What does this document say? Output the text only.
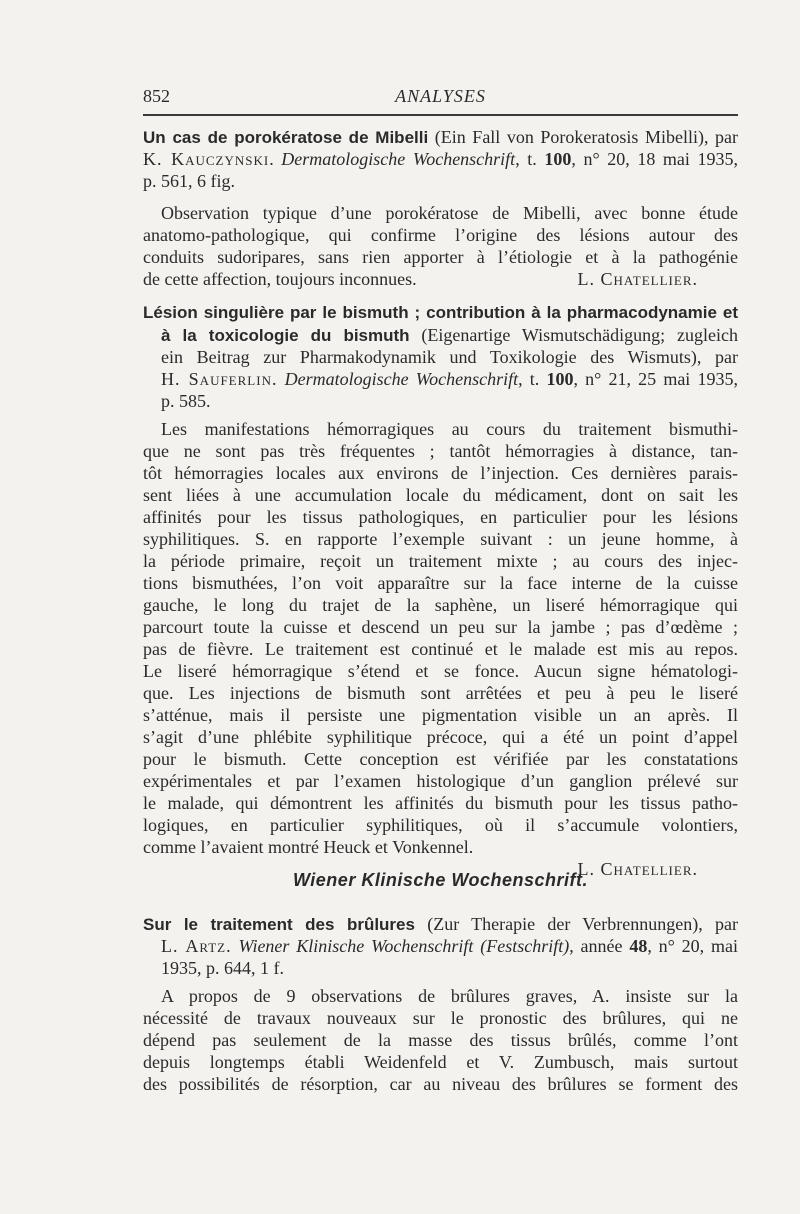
852	ANALYSES
Un cas de porokératose de Mibelli (Ein Fall von Porokeratosis Mibelli), par
K. Kauczynski. Dermatologische Wochenschrift, t. 100, n° 20, 18 mai 1935,
p. 561, 6 fig.
Observation typique d’une porokératose de Mibelli, avec bonne étude
anatomo-pathologique, qui confirme l’origine des lésions autour des
conduits sudoripares, sans rien apporter à l’étiologie et à la pathogénie
de cette affection, toujours inconnues.	L. Chatellier.
Lésion singulière par le bismuth ; contribution à la pharmacodynamie et
à la toxicologie du bismuth (Eigenartige Wismutschädigung; zugleich
ein Beitrag zur Pharmakodynamik und Toxikologie des Wismuts), par
H. Sauferlin. Dermatologische Wochenschrift, t. 100, n° 21, 25 mai 1935,
p. 585.
Les manifestations hémorragiques au cours du traitement bismuthi-
que ne sont pas très fréquentes ; tantôt hémorragies à distance, tan-
tôt hémorragies locales aux environs de l’injection. Ces dernières parais-
sent liées à une accumulation locale du médicament, dont on sait les
affinités pour les tissus pathologiques, en particulier pour les lésions
syphilitiques. S. en rapporte l’exemple suivant : un jeune homme, à
la période primaire, reçoit un traitement mixte ; au cours des injec-
tions bismuthées, l’on voit apparaître sur la face interne de la cuisse
gauche, le long du trajet de la saphène, un liseré hémorragique qui
parcourt toute la cuisse et descend un peu sur la jambe ; pas d’œdème ;
pas de fièvre. Le traitement est continué et le malade est mis au repos.
Le liseré hémorragique s’étend et se fonce. Aucun signe hématologi-
que. Les injections de bismuth sont arrêtées et peu à peu le liseré
s’atténue, mais il persiste une pigmentation visible un an après. Il
s’agit d’une phlébite syphilitique précoce, qui a été un point d’appel
pour le bismuth. Cette conception est vérifiée par les constatations
expérimentales et par l’examen histologique d’un ganglion prélevé sur
le malade, qui démontrent les affinités du bismuth pour les tissus patho-
logiques, en particulier syphilitiques, où il s’accumule volontiers,
comme l’avaient montré Heuck et Vonkennel.
L. Chatellier.
Wiener Klinische Wochenschrift.
Sur le traitement des brûlures (Zur Therapie der Verbrennungen), par
L. Artz. Wiener Klinische Wochenschrift (Festschrift), année 48, n° 20, mai
1935, p. 644, 1 f.
A propos de 9 observations de brûlures graves, A. insiste sur la
nécessité de travaux nouveaux sur le pronostic des brûlures, qui ne
dépend pas seulement de la masse des tissus brûlés, comme l’ont
depuis longtemps établi Weidenfeld et V. Zumbusch, mais surtout
des possibilités de résorption, car au niveau des brûlures se forment des
